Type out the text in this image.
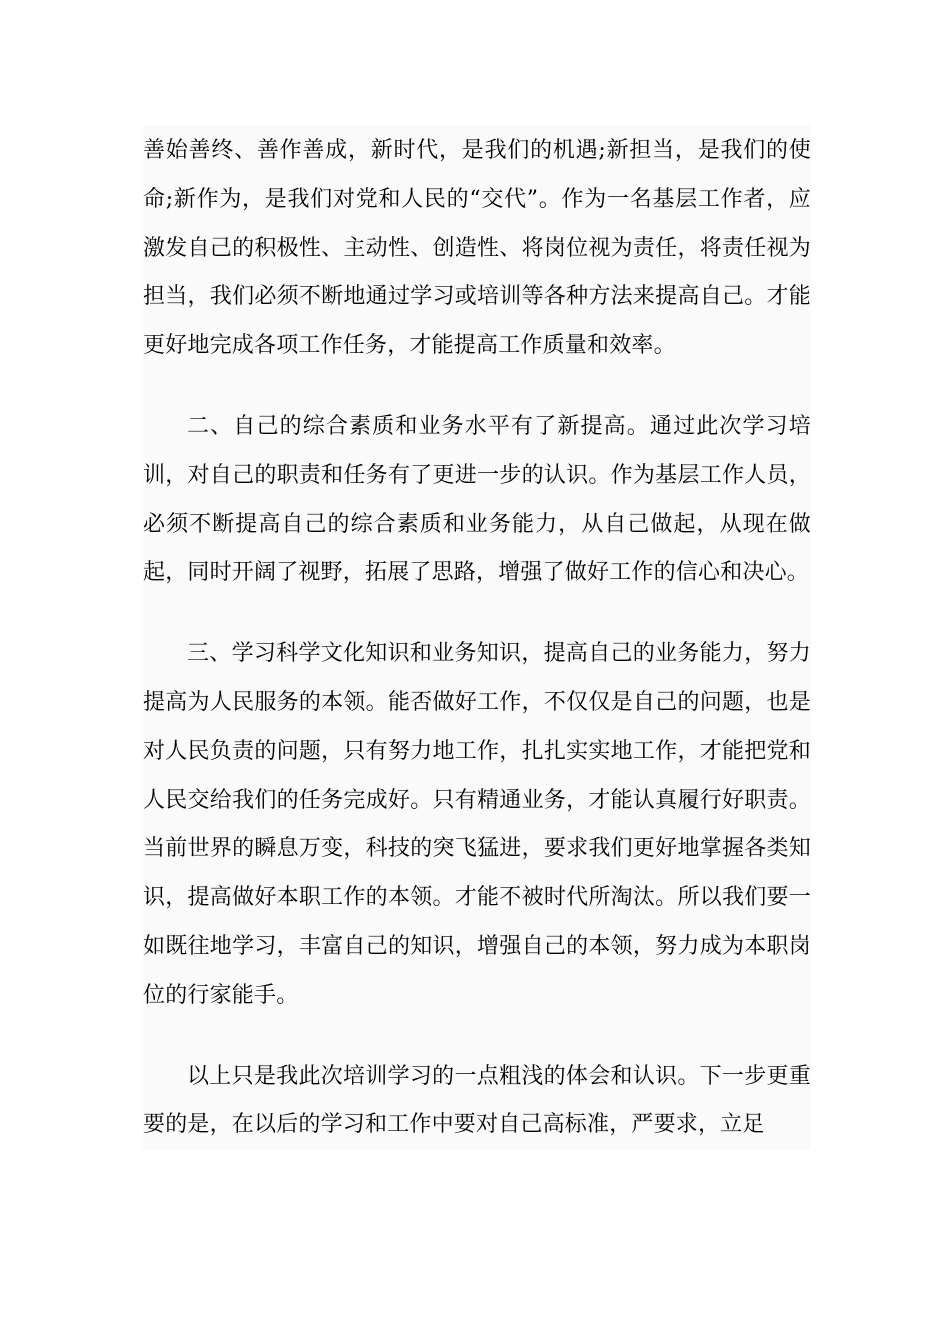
善始善终、善作善成，新时代，是我们的机遇;新担当，是我们的使命;新作为，是我们对党和人民的“交代”。作为一名基层工作者，应激发自己的积极性、主动性、创造性、将岗位视为责任，将责任视为担当，我们必须不断地通过学习或培训等各种方法来提高自己。才能更好地完成各项工作任务，才能提高工作质量和效率。

二、自己的综合素质和业务水平有了新提高。通过此次学习培训，对自己的职责和任务有了更进一步的认识。作为基层工作人员，必须不断提高自己的综合素质和业务能力，从自己做起，从现在做起，同时开阔了视野，拓展了思路，增强了做好工作的信心和决心。

三、学习科学文化知识和业务知识，提高自己的业务能力，努力提高为人民服务的本领。能否做好工作，不仅仅是自己的问题，也是对人民负责的问题，只有努力地工作，扎扎实实地工作，才能把党和人民交给我们的任务完成好。只有精通业务，才能认真履行好职责。当前世界的瞬息万变，科技的突飞猛进，要求我们更好地掌握各类知识，提高做好本职工作的本领。才能不被时代所淘汰。所以我们要一如既往地学习，丰富自己的知识，增强自己的本领，努力成为本职岗位的行家能手。

以上只是我此次培训学习的一点粗浅的体会和认识。下一步更重要的是，在以后的学习和工作中要对自己高标准，严要求，立足
